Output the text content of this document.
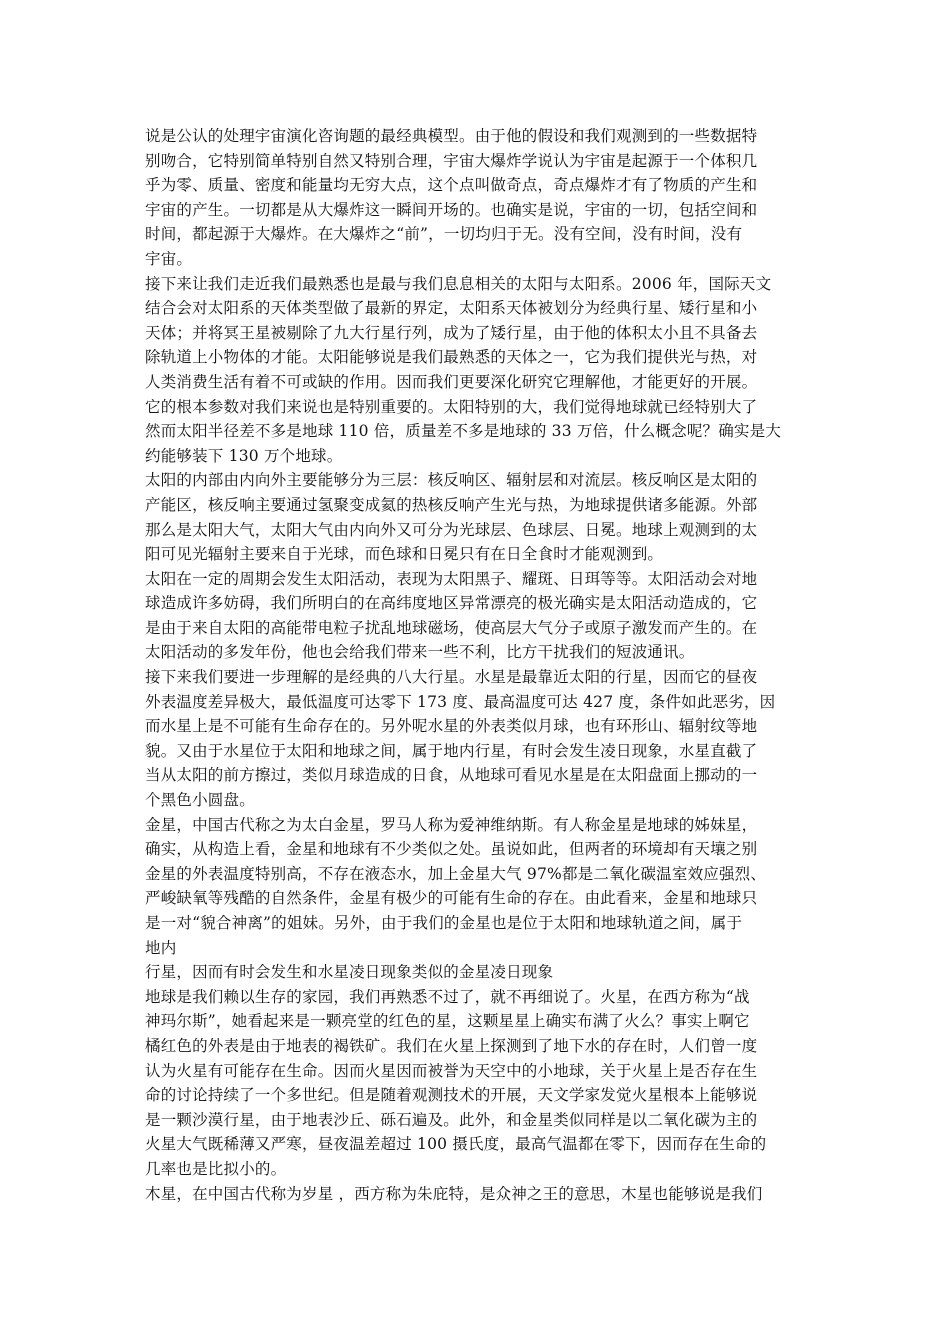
说是公认的处理宇宙演化咨询题的最经典模型。由于他的假设和我们观测到的一些数据特
别吻合，它特别简单特别自然又特别合理，宇宙大爆炸学说认为宇宙是起源于一个体积几
乎为零、质量、密度和能量均无穷大点，这个点叫做奇点，奇点爆炸才有了物质的产生和
宇宙的产生。一切都是从大爆炸这一瞬间开场的。也确实是说，宇宙的一切，包括空间和
时间，都起源于大爆炸。在大爆炸之“前”，一切均归于无。没有空间，没有时间，没有
宇宙。
接下来让我们走近我们最熟悉也是最与我们息息相关的太阳与太阳系。2006 年，国际天文
结合会对太阳系的天体类型做了最新的界定，太阳系天体被划分为经典行星、矮行星和小
天体；并将冥王星被剔除了九大行星行列，成为了矮行星，由于他的体积太小且不具备去
除轨道上小物体的才能。太阳能够说是我们最熟悉的天体之一，它为我们提供光与热，对
人类消费生活有着不可或缺的作用。因而我们更要深化研究它理解他，才能更好的开展。
它的根本参数对我们来说也是特别重要的。太阳特别的大，我们觉得地球就已经特别大了
然而太阳半径差不多是地球 110 倍，质量差不多是地球的 33 万倍，什么概念呢？确实是大
约能够装下 130 万个地球。
太阳的内部由内向外主要能够分为三层：核反响区、辐射层和对流层。核反响区是太阳的
产能区，核反响主要通过氢聚变成氦的热核反响产生光与热，为地球提供诸多能源。外部
那么是太阳大气，太阳大气由内向外又可分为光球层、色球层、日冕。地球上观测到的太
阳可见光辐射主要来自于光球，而色球和日冕只有在日全食时才能观测到。
太阳在一定的周期会发生太阳活动，表现为太阳黑子、耀斑、日珥等等。太阳活动会对地
球造成许多妨碍，我们所明白的在高纬度地区异常漂亮的极光确实是太阳活动造成的，它
是由于来自太阳的高能带电粒子扰乱地球磁场，使高层大气分子或原子激发而产生的。在
太阳活动的多发年份，他也会给我们带来一些不利，比方干扰我们的短波通讯。
接下来我们要进一步理解的是经典的八大行星。水星是最靠近太阳的行星，因而它的昼夜
外表温度差异极大，最低温度可达零下 173 度、最高温度可达 427 度，条件如此恶劣，因
而水星上是不可能有生命存在的。另外呢水星的外表类似月球，也有环形山、辐射纹等地
貌。又由于水星位于太阳和地球之间，属于地内行星，有时会发生凌日现象，水星直截了
当从太阳的前方擦过，类似月球造成的日食，从地球可看见水星是在太阳盘面上挪动的一
个黑色小圆盘。
金星，中国古代称之为太白金星，罗马人称为爱神维纳斯。有人称金星是地球的姊妹星，
确实，从构造上看，金星和地球有不少类似之处。虽说如此，但两者的环境却有天壤之别
金星的外表温度特别高，不存在液态水，加上金星大气 97%都是二氧化碳温室效应强烈、
严峻缺氧等残酷的自然条件，金星有极少的可能有生命的存在。由此看来，金星和地球只
是一对“貌合神离”的姐妹。另外，由于我们的金星也是位于太阳和地球轨道之间，属于
地内
行星，因而有时会发生和水星凌日现象类似的金星凌日现象
地球是我们赖以生存的家园，我们再熟悉不过了，就不再细说了。火星，在西方称为“战
神玛尔斯”，她看起来是一颗亮堂的红色的星，这颗星星上确实布满了火么？事实上啊它
橘红色的外表是由于地表的褐铁矿。我们在火星上探测到了地下水的存在时，人们曾一度
认为火星有可能存在生命。因而火星因而被誉为天空中的小地球，关于火星上是否存在生
命的讨论持续了一个多世纪。但是随着观测技术的开展，天文学家发觉火星根本上能够说
是一颗沙漠行星，由于地表沙丘、砾石遍及。此外，和金星类似同样是以二氧化碳为主的
火星大气既稀薄又严寒，昼夜温差超过 100 摄氏度，最高气温都在零下，因而存在生命的
几率也是比拟小的。
木星，在中国古代称为岁星 ，西方称为朱庇特，是众神之王的意思，木星也能够说是我们
